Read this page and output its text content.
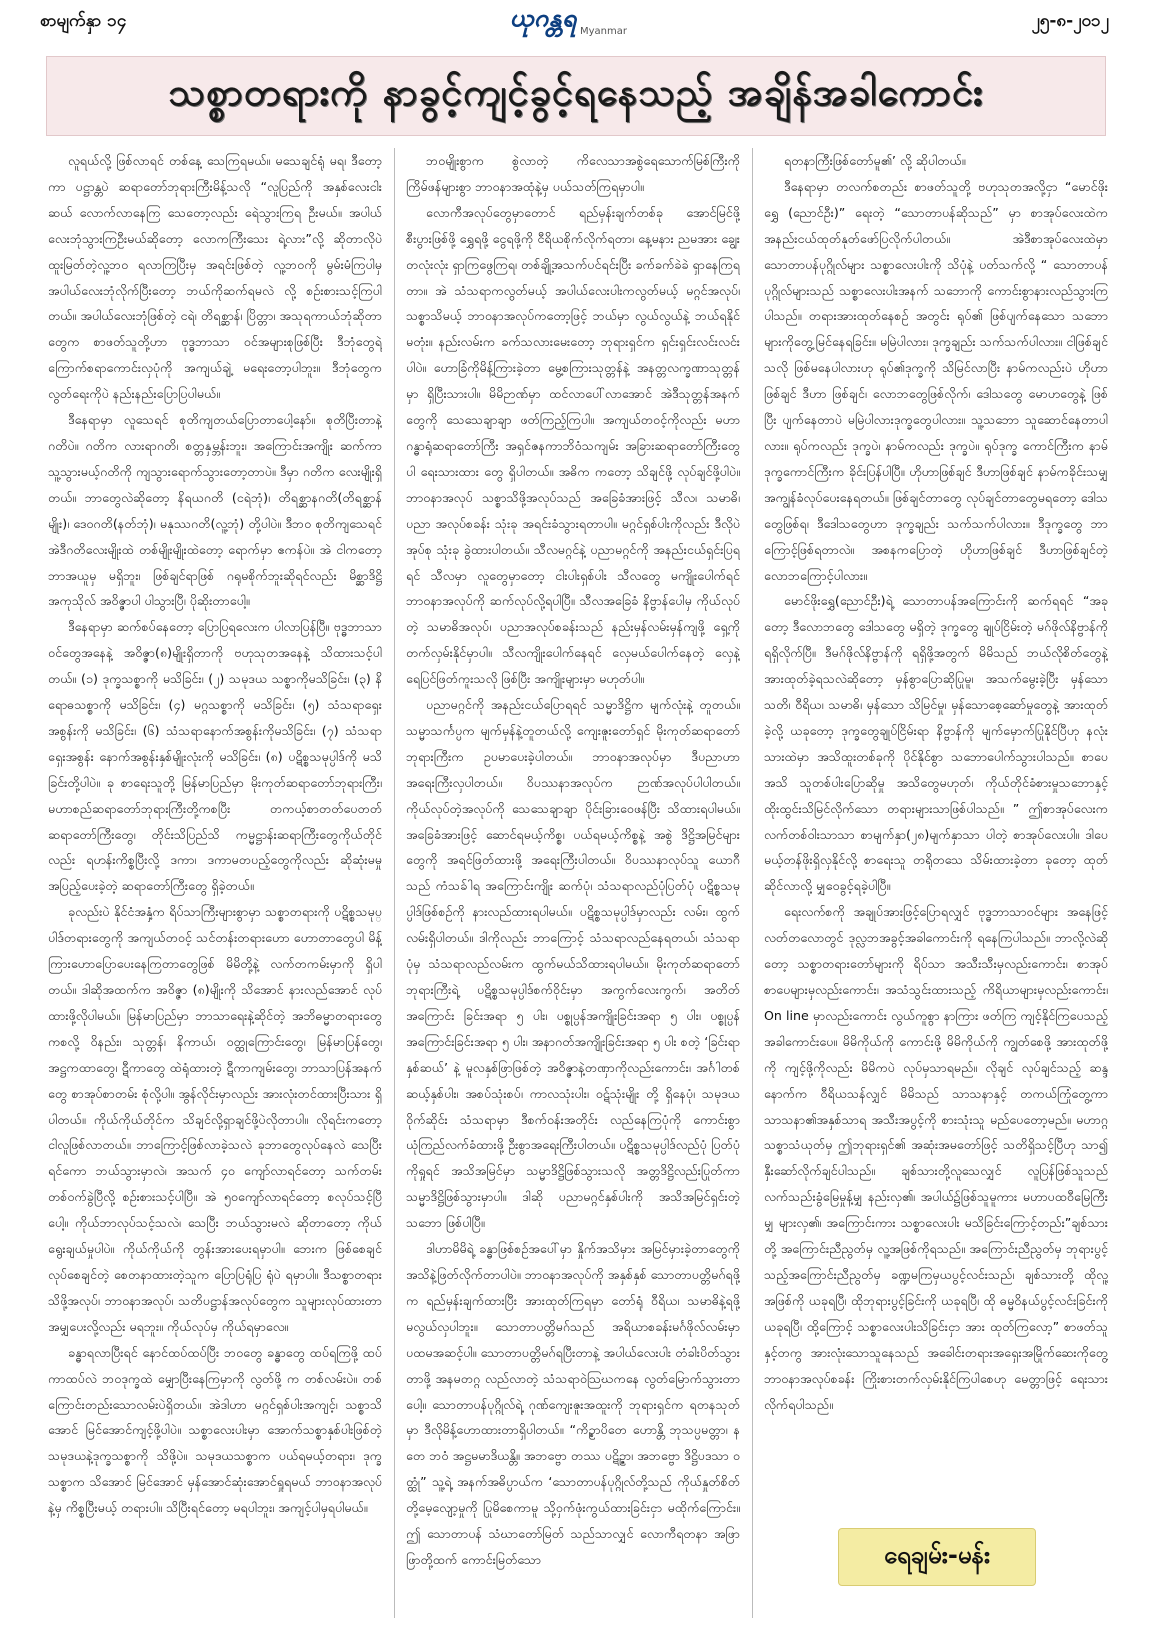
စာမျက်နှာ ၁၄	ယုဂန္တရ Myanmar
၂၅-၈-၂၀၁၂
သစ္စာတရားကို နာခွင့်ကျင့်ခွင့်ရနေသည့် အချိန်အခါကောင်း

လူရယ်လို့ ဖြစ်လာရင် တစ်နေ့ သေကြရမယ်။ မသေချင်ရုံ မရ၊ ဒီတော့ကာ ပဋ္ဌာန္တပဲ ဆရာတော်ဘုရားကြီးမိန့်သလို “လူပြည်ကို အနှစ်လေးငါးဆယ် လောက်လာနေကြ သေတော့လည်း ရေဲသွားကြရ ဦးမယ်။ အပါယ်လေးဘုံသွားကြဦးမယ်ဆိုတော့ လောကကြီးသေး ရဲ့လား”လို့ ဆိုတာလိုပဲ ထူးမြတ်တဲ့လူ့ဘဝ ရလာကြပြီးမှ အရင်းဖြစ်တဲ့ လူ့ဘဝကို မွမ်းမံကြပါမှ အပါယ်လေးဘုံလိုက်ပြီးတော့ ဘယ်ကိုဆက်ရမလဲ လို့ စဉ်းစားသင့်ကြပါတယ်။ အပါယ်လေးဘုံဖြစ်တဲ့ ငရဲ၊ တိရစ္ဆာန်၊ ပြိတ္တာ၊ အသုရကာယ်ဘုံဆိုတာတွေက စာဖတ်သူတို့ဟာ ဗုဒ္ဓဘာသာ ဝင်အများစုဖြစ်ပြီး ဒီဘုံတွေရဲ့ ကြောက်စရာကောင်းလှပုံကို အကျယ်ချဲ့ မရေးတော့ပါဘူး။ ဒီဘုံတွေက လွတ်ရေးကိုပဲ နည်းနည်းပြောပြပါမယ်။

ဒီနေရာမှာ လူသေရင် စုတိကျတယ်ပြောတာပေါ့နော်။ စုတိပြီးတာနဲ့ ဂတိပဲ။ ဂတိက လားရာဂတိ၊ စတ္တနှမ္ဘန်းဘူး၊ အကြောင်းအကျိုး ဆက်ကာ သူ့သွားမယ့်ဂတိကို ကျသွားရောက်သွားတော့တာပဲ။ ဒီမှာ ဂတိက လေးမျိုးရှိတယ်။ ဘာတွေလဲဆိုတော့ နိရယဂတိ (ငရဲဘုံ)၊ တိရစ္ဆာနဂတိ(တိရစ္ဆာန်မျိုး)၊ ဒေဝဂတိ(နတ်ဘုံ)၊ မနုဿဂတိ(လူ့ဘုံ) တို့ပါပဲ။ ဒီဘဝ စုတိကျသေရင် အဲဒီဂတိလေးမျိုးထဲ တစ်မျိုးမျိုးထဲတော့ ရောက်မှာ ဧကန်ပဲ။ အဲ ငါကတော့ ဘာအယူမှ မရှိဘူး၊ ဖြစ်ချင်ရာဖြစ် ဂရုမစိုက်ဘူးဆိုရင်လည်း မိစ္ဆာဒိဋ္ဌိအကုသိုလ် အဝိဇ္ဇာပါ ပါသွားပြီ၊ ပိုဆိုးတာပေါ့။

ဒီနေရာမှာ ဆက်စပ်နေတော့ ပြောပြရလေးက ပါလာပြန်ပြီ။ ဗုဒ္ဓဘာသာဝင်တွေအနေနဲ့ အဝိဇ္ဇာ(၈)မျိုးရှိတာကို ဗဟုသုတအနေနဲ့ သိထားသင့်ပါတယ်။ (၁) ဒုက္ခသစ္စာကို မသိခြင်း၊ (၂) သမုဒယ သစ္စာကိုမသိခြင်း၊ (၃) နိရောဓသစ္စာကို မသိခြင်း၊ (၄) မဂ္ဂသစ္စာကို မသိခြင်း၊ (၅) သံသရာရှေးအစွန်းကို မသိခြင်း၊ (၆) သံသရာနောက်အစွန်းကိုမသိခြင်း၊ (၇) သံသရာရှေးအစွန်း နောက်အစွန်းနှစ်မျိုးလုံးကို မသိခြင်း၊ (၈) ပဋိစ္စသမုပ္ပါဒ်ကို မသိခြင်းတို့ပါပဲ။ ခု စာရေးသူတို့ မြန်မာပြည်မှာ မိုးကုတ်ဆရာတော်ဘုရားကြီး၊ မဟာစည်ဆရာတော်ဘုရားကြီးတို့ကစပြီး တကယ့်စာတတ်ပေတတ် ဆရာတော်ကြီးတွေ၊ တိုင်းသိပြည်သိ ကမ္မဋ္ဌာန်းဆရာကြီးတွေကိုယ်တိုင်လည်း ရဟန်းကိစ္စပြီးလို့ ဒကာ၊ ဒကာမတပည့်တွေကိုလည်း ဆိုဆုံးမမှု အပြည့်ပေးခဲ့တဲ့ ဆရာတော်ကြီးတွေ ရှိခဲ့တယ်။

ခုလည်းပဲ နိုင်ငံအနှံ့က ရိပ်သာကြီးများစွာမှာ သစ္စာတရားကို ပဋိစ္စသမုပ္ပါဒ်တရားတွေကို အကျယ်တဝင့် သင်တန်းတရားဟော ဟောတာတွေပါ မိန့်ကြားဟောပြောပေးနေကြတာတွေဖြစ် မိမိတို့နဲ့ လက်တကမ်းမှာကို ရှိပါတယ်။ ဒါဆိုအထက်က အဝိဇ္ဇာ (၈)မျိုးကို သိအောင် နားလည်အောင် လုပ်ထားဖို့လိုပါမယ်။ မြန်မာပြည်မှာ ဘာသာရေးနဲ့ဆိုင်တဲ့ အဘိဓမ္မာတရားတွေကစလို့ ဝိနည်း၊ သုတ္တန်၊ နိကာယ်၊ ဝတ္ထုကြောင်းတွေ၊ မြန်မာပြန်တွေ၊ အဋ္ဌကထာတွေ၊ ဋီကာတွေ ထဲရုံထားတဲ့ ဋီကာကျမ်းတွေ၊ ဘာသာပြန်အနက်တွေ စာအုပ်စာတမ်း စုံလို့ပါ။ အွန်လိုင်းမှာလည်း အားလုံးတင်ထားပြီးသား ရှိပါတယ်။ ကိုယ်ကိုယ်တိုင်က သိချင်လို့ရှာချင်ဖို့ပဲလိုတာပါ။ လိုရင်းကတော့ ငါလူဖြစ်လာတယ်။ ဘာကြောင့်ဖြစ်လာခဲ့သလဲ ခုဘာတွေလုပ်နေလဲ သေပြီးရင်ကော ဘယ်သွားမှာလဲ၊ အသက် ၄၀ ကျော်လာရင်တော့ သက်တမ်းတစ်ဝက်ခွဲပြီလို့ စဉ်းစားသင့်ပါပြီ။ အဲ ၅၀ကျော်လာရင်တော့ စလုပ်သင့်ပြီပေါ့။ ကိုယ်ဘာလုပ်သင့်သလဲ၊ သေပြီး ဘယ်သွားမလဲ ဆိုတာတော့ ကိုယ်ရွေးချယ်မှုပါပဲ။ ကိုယ်ကိုယ်ကို တွန်းအားပေးရမှာပါ။ ဘေးက ဖြစ်စေချင် လုပ်စေချင်တဲ့ စေတနာထားတဲ့သူက ပြောပြရုံပြ ရုံပဲ ရမှာပါ။ ဒီသစ္စာတရား သိဖို့အလုပ်၊ ဘာဝနာအလုပ်၊ သတိပဋ္ဌာန်အလုပ်တွေက သူများလုပ်ထားတာ အမျှပေးလို့လည်း မရဘူး။ ကိုယ်လုပ်မှ ကိုယ်ရမှာလေ။

ခန္ဓာရလာပြီးရင် နောင်ထပ်ထပ်ပြီး ဘဝတွေ ခန္ဓာတွေ ထပ်ရကြဖို့ ထပ်ကာထပ်လဲ ဘဝဒုက္ခထဲ မျှောပြီးနေကြမှာကို လွတ်ဖို့ က တစ်လမ်းပဲ။ တစ်ကြောင်းတည်းသောလမ်းပဲရှိတယ်။ အဲဒါဟာ မဂ္ဂင်ရှစ်ပါးအကျင့်၊ သစ္စာသိအောင် မြင်အောင်ကျင့်ဖို့ပါပဲ။ သစ္စာလေးပါးမှာ အောက်သစ္စာနှစ်ပါးဖြစ်တဲ့ သမုဒယနဲ့ဒုက္ခသစ္စာကို သိဖို့ပဲ။ သမုဒယသစ္စာက ပယ်ရမယ့်တရား၊ ဒုက္ခသစ္စာက သိအောင် မြင်အောင် မှန်အောင်ဆုံးအောင်ရှုရမယ် ဘာဝနာအလုပ်နဲ့မှ ကိစ္စပြီးမယ့် တရားပါ။ သိပြီးရင်တော့ မရပါဘူး၊ အကျင့်ပါမှရပါမယ်။

ဘဝမျိုးစွာက စွဲလာတဲ့ ကိလေသာအစွဲရေသောက်မြစ်ကြီးကို ကြိမ်ဖန်များစွာ ဘာဝနာအထုံနဲ့မှ ပယ်သတ်ကြရမှာပါ။

လောကီအလုပ်တွေမှာတောင် ရည်မှန်းချက်တစ်ခု အောင်မြင်ဖို့ စီးပွားဖြစ်ဖို့ ရွှေရဖို့ ငွေရဖို့ကို ငီရိယစိုက်လိုက်ရတာ၊ နေ့မနား ညမအား ချွေးတလုံးလုံး ရှာကြဖွေကြရ၊ တစ်ချို့အသက်ပင်ရင်းပြီး ခက်ခက်ခဲခဲ ရှာနေကြရတာ။ အဲ သံသရာကလွတ်မယ့် အပါယ်လေးပါးကလွတ်မယ့် မဂ္ဂင်အလုပ်၊ သစ္စာသိမယ့် ဘာဝနာအလုပ်ကတော့ဖြင့် ဘယ်မှာ လွယ်လွယ်နဲ့ ဘယ်ရနိုင်မတုံး။ နည်းလမ်းက ခက်သလားမေးတော့ ဘုရားရှင်က ရှင်းရှင်းလင်းလင်းပါပဲ။ ဟောခြံကိုမိန့်ကြားခဲ့တာ မွေ့စကြားသုတ္တန်နဲ့ အနတ္တလက္ခဏာသုတ္တန်မှာ ရှိပြီးသားပါ။ မိမိဉာဏ်မှာ ထင်လာပေါ်လာအောင် အဲဒီသုတ္တန်အနက်တွေကို သေသေချာချာ ဖတ်ကြည့်ကြပါ။ အကျယ်တဝင့်ကိုလည်း မဟာဂန္ဓာရုံဆရာတော်ကြီး အရှင်ဇနကာဘိဝံသကျမ်း အခြားဆရာတော်ကြီးတွေပါ ရေးသားထား တွေ ရှိပါတယ်။ အဓိက ကတော့ သိချင်ဖို့ လုပ်ချင်ဖို့ပါပဲ။ ဘာဝနာအလုပ် သစ္စာသိဖို့အလုပ်သည် အခြေခံအားဖြင့် သီလ၊ သမာဓိ၊ ပညာ အလုပ်စခန်း သုံးခု အရင်းခံသွားရတာပါ။ မဂ္ဂင်ရှစ်ပါးကိုလည်း ဒီလိုပဲ အုပ်စု သုံးခု ခွဲထားပါတယ်။ သီလမဂ္ဂင်နဲ့ ပညာမဂ္ဂင်ကို အနည်းငယ်ရှင်းပြရရင် သီလမှာ လူတွေမှာတော့ ငါးပါးရှစ်ပါး သီလတွေ မကျိုးပေါက်ရင် ဘာဝနာအလုပ်ကို ဆက်လုပ်လို့ရပါပြီ။ သီလအခြေခံ နိဗ္ဗာန်ပေါမှ ကိုယ်လုပ်တဲ့ သမာဓိအလုပ်၊ ပညာအလုပ်စခန်းသည် နည်းမှန်လမ်းမှန်ကျဖို့ ရှေ့ကိုတက်လှမ်းနိုင်မှာပါ။ သီလကျိုးပေါက်နေရင် လှေမယ်ပေါက်နေတဲ့ လှေနဲ့ရေပြင်ဖြတ်ကူးသလို ဖြစ်ပြီး အကျိုးများမှာ မဟုတ်ပါ။

ပညာမဂ္ဂင်ကို အနည်းငယ်ပြောရရင် သမ္မာဒိဋ္ဌိက မျက်လုံးနဲ့ တူတယ်။ သမ္မာသင်္ကပ္ပက မျက်မှန်နဲ့တူတယ်လို့ ကျေးဇူးတော်ရှင် မိုးကုတ်ဆရာတော်ဘုရားကြီးက ဥပမာပေးခဲ့ပါတယ်။ ဘာဝနာအလုပ်မှာ ဒီပညာဟာ အရေးကြီးလှပါတယ်။ ဝိပဿနာအလုပ်က ဉာဏ်အလုပ်ပါပါတယ်။ ကိုယ်လုပ်တဲ့အလုပ်ကို သေသေချာချာ ပိုင်းခြားဝေဖန်ပြီး သိထားရပါမယ်။ အခြေခံအားဖြင့် ဆောင်ရမယ့်ကိစ္စ၊ ပယ်ရမယ့်ကိစ္စနဲ့ အစွဲ ဒိဋ္ဌိအမြင်များတွေကို အရင်ဖြတ်ထားဖို့ အရေးကြီးပါတယ်။ ဝိပဿနာလုပ်သူ ယောဂီသည် ကံသခ်ါရ အကြောင်းကျိုး ဆက်ပုံ၊ သံသရာလည်ပုံပြတ်ပုံ ပဋိစ္စသမုပ္ပါဒ်ဖြစ်စဉ်ကို နားလည်ထားရပါမယ်။ ပဋိစ္စသမုပ္ပါဒ်မှာလည်း လမ်း၊ ထွက်လမ်းရှိပါတယ်။ ဒါကိုလည်း ဘာကြောင့် သံသရာလည်နေရတယ်၊ သံသရာပုံမှ သံသရာလည်လမ်းက ထွက်မယ်သိထားရပါမယ်။ မိုးကုတ်ဆရာတော်ဘုရားကြီးရဲ့ ပဋိစ္စသမုပ္ပါဒ်စက်ဝိုင်းမှာ အကွက်လေးကွက်၊ အတိတ်အကြောင်း ခြင်းအရာ ၅ ပါး၊ ပစ္စုပ္ပန်အကျိုးခြင်းအရာ ၅ ပါး၊ ပစ္စုပ္ပန်အကြောင်းခြင်းအရာ ၅ ပါး၊ အနာဂတ်အကျိုးခြင်းအရာ ၅ ပါး စတဲ့ ‘ခြင်းရာနှစ်ဆယ်’ နဲ့ မူလနှစ်ဖြာဖြစ်တဲ့ အဝိဇ္ဇာနဲ့တဏှာကိုလည်းကောင်း၊ အင်္ဂါတစ်ဆယ့်နှစ်ပါး၊ အစပ်သုံးစပ်၊ ကာလသုံးပါး၊ ဝဋ်သုံးမျိုး တို့ ရှိနေပုံ၊ သမုဒယဝိုက်ဆိုင်း သံသရာမှာ ဒီစက်ဝန်းအတိုင်း လည်နေကြပုံကို ကောင်းစွာ ယုံကြည်လက်ခံထားဖို့ ဦးစွာအရေးကြီးပါတယ်။ ပဋိစ္စသမုပ္ပါဒ်လည်ပုံ ပြတ်ပုံကိုရှုရင် အသိအမြင်မှာ သမ္မာဒိဋ္ဌိဖြစ်သွားသလို အတ္တဒိဋ္ဌိလည်းပြုတ်ကာ သမ္မာဒိဋ္ဌိဖြစ်သွားမှာပါ။ ဒါဆို ပညာမဂ္ဂင်နှစ်ပါးကို အသိအမြင်ရှင်းတဲ့သဘော ဖြစ်ပါပြီ။

ဒါဟာမိမိရဲ့ ခန္ဓာဖြစ်စဉ်အပေါ်မှာ နှိုက်အသိမှား အမြင်မှားခဲ့တာတွေကို အသိနဲ့ဖြတ်လိုက်တာပါပဲ။ ဘာဝနာအလုပ်ကို အနှစ်နှစ် သောတာပတ္တိမဂ်ရဖို့က ရည်မှန်းချက်ထားပြီး အားထုတ်ကြရမှာ တော်ရုံ ဝီရိယ၊ သမာဓိနဲ့ရဖို့ မလွယ်လှပါဘူး။ သောတာပတ္တိမဂ်သည် အရိယာစခန်းမင်္ဂဖိုလ်လမ်းမှာ ပထမအဆင့်ပါ။ သောတာပတ္တိမဂ်ရပြီးတာနဲ့ အပါယ်လေးပါး တံခါးပိတ်သွားတာဖို့ အနမတဂ္ဂ လည်လာတဲ့ သံသရာဝဲဩဃကနေ လွတ်မြောက်သွားတာပေါ့။ သောတာပန်ပုဂ္ဂိုလ်ရဲ့ ဂုဏ်ကျေးဇူးအထူးကို ဘုရားရှင်က ရတနသုတ်မှာ ဒီလိုမိန့်ဟောထားတာရှိပါတယ်။ “ကိဉ္စာပိတေ ဟောန္တိ ဘုသပ္ပမတ္တာ၊ န တေ ဘဝံ အဋ္ဌမမာဒိယန္တိ။ အဘဗ္ဗော တဿ ပဋိဉ္ဇာ၊ အဘဗ္ဗော ဒိဋ္ဌိပဒသာ ဝတ္ထုံ” သူ့ရဲ့ အနက်အဓိပ္ပာယ်က ‘သောတာပန်ပုဂ္ဂိုလ်တို့သည် ကိုယ်နှုတ်စိတ် တို့မေ့လျော့မှုကို ပြုမိစေကာမူ သို့ဝှက်ဖုံးကွယ်ထားခြင်းငှာ မထိုက်ကြောင်း။ ဤ သောတာပန် သံဃာတော်မြတ် သည်သာလျှင် လောကီရတနာ အဖြာဖြာတို့ထက် ကောင်းမြတ်သော

ရတနာကြီးဖြစ်တော်မူ၏’ လို့ ဆိုပါတယ်။

ဒီနေရာမှာ တလက်စတည်း စာဖတ်သူတို့ ဗဟုသုတအလို့ငှာ “မောင်ဖိုးရွှေ (ညောင်ဦး)” ရေးတဲ့ “သောတာပန်ဆိုသည်” မှာ စာအုပ်လေးထဲက အနည်းငယ်ထုတ်နုတ်ဖော်ပြလိုက်ပါတယ်။ အဲဒီစာအုပ်လေးထဲမှာ သောတာပန်ပုဂ္ဂိုလ်များ သစ္စာလေးပါးကို သိပုံနဲ့ ပတ်သက်လို့ “ သောတာပန်ပုဂ္ဂိုလ်များသည် သစ္စာလေးပါးအနက် သဘောကို ကောင်းစွာနားလည်သွားကြပါသည်။ တရားအားထုတ်နေစဉ် အတွင်း ရုပ်၏ ဖြစ်ပျက်နေသော သဘောများကိုတွေ့မြင်နေရခြင်း။ မမြဲပါလား၊ ဒုက္ခချည်း သက်သက်ပါလား။ ငါဖြစ်ချင်သလို ဖြစ်မနေပါလားဟု ရုပ်၏ဒုက္ခကို သိမြင်လာပြီး နာမ်ကလည်းပဲ ဟိုဟာဖြစ်ချင် ဒီဟာ ဖြစ်ချင်၊ လောဘတွေဖြစ်လိုက်၊ ဒေါသတွေ မောဟတွေနဲ့ ဖြစ်ပြီး ပျက်နေတာပဲ မမြဲပါလားဒုက္ခတွေပါလား။ သူ့သဘော သူဆောင်နေတာပါလား။ ရုပ်ကလည်း ဒုက္ခပဲ၊ နာမ်ကလည်း ဒုက္ခပဲ။ ရုပ်ဒုက္ခ ကောင်ကြီးက နာမ်ဒုက္ခကောင်ကြီးက ခိုင်းပြန်ပါပြီ။ ဟိုဟာဖြစ်ချင် ဒီဟာဖြစ်ချင် နာမ်ကခိုင်းသမျှ အကျွန်ခံလုပ်ပေးနေရတယ်။ ဖြစ်ချင်တာတွေ လုပ်ချင်တာတွေမရတော့ ဒေါသတွေဖြစ်ရ၊ ဒီဒေါသတွေဟာ ဒုက္ခချည်း သက်သက်ပါလား။ ဒီဒုက္ခတွေ ဘာကြောင့်ဖြစ်ရတာလဲ။ အစနကပြောတဲ့ ဟိုဟာဖြစ်ချင် ဒီဟာဖြစ်ချင်တဲ့ လောဘကြောင့်ပါလား။

မောင်ဖိုးရွှေ(ညောင်ဦး)ရဲ့ သောတာပန်အကြောင်းကို ဆက်ရရင် “အခုတော့ ဒီလောဘတွေ ဒေါသတွေ မရှိတဲ့ ဒုက္ခတွေ ချုပ်ငြိမ်းတဲ့ မဂ်ဖိုလ်နိဗ္ဗာန်ကို ရရှိလိုက်ပြီ။ ဒီမဂ်ဖိုလ်နိဗ္ဗာန်ကို ရရှိဖို့အတွက် မိမိသည် ဘယ်လိုစိတ်တွေနဲ့ အားထုတ်ခဲ့ရသလဲဆိုတော့ မှန်စွာပြောဆိုပြုမူ၊ အသက်မွေးခဲ့ပြီး မှန်သော သတိ၊ ဝီရိယ၊ သမာဓိ၊ မှန်သော သိမြင်မှု၊ မှန်သောစေ့ဆော်မှုတွေနဲ့ အားထုတ်ခဲ့လို့ ယခုတော့ ဒုက္ခတွေချုပ်ငြိမ်းရာ နိဗ္ဗာန်ကို မျက်မှောက်ပြုနိုင်ပြီဟု နလုံးသားထဲမှာ အသိထူးတစ်ခုကို ပိုင်နိုင်စွာ သဘောပေါက်သွားပါသည်။ စာပေအသိ သူတစ်ပါးပြောဆိုမှု အသိတွေမဟုတ်၊ ကိုယ်တိုင်ခံစားမှုသဘောနှင့် ထိုးထွင်းသိမြင်လိုက်သော တရားများသာဖြစ်ပါသည်။ ” ဤစာအုပ်လေးက လက်တစ်ဝါးသာသာ စာမျက်နှာ(၂၈)မျက်နှာသာ ပါတဲ့ စာအုပ်လေးပါ။ ဒါပေမယ့်တန်ဖိုးရှိလှနိုင်လို့ စာရေးသူ တရိုတသေ သိမ်းထားခဲ့တာ ခုတော့ ထုတ်ဆိုင်လာလို့ မျှဝေခွင့်ရခဲ့ပါပြီ။

ရေးလက်စကို အချုပ်အားဖြင့်ပြောရလျှင် ဗုဒ္ဓဘာသာဝင်များ အနေဖြင့် လတ်တလောတွင် ဒုလ္လဘအခွင့်အခါကောင်းကို ရနေကြပါသည်။ ဘာလို့လဲဆိုတော့ သစ္စာတရားတော်များကို ရိပ်သာ အသီးသီးမှလည်းကောင်း၊ စာအုပ်စာပေများမှလည်းကောင်း၊ အသံသွင်းထားသည့် ကိရိယာများမှလည်းကောင်း၊ On line မှာလည်းကောင်း လွယ်ကူစွာ နာကြား ဖတ်ကြ ကျင့်နိုင်ကြပေသည့် အခါကောင်းပေ။ မိမိကိုယ်ကို ကောင်းဖို့ မိမိကိုယ်ကို ကျွတ်စေဖို့ အားထုတ်ဖို့ကို ကျင့်ဖို့ကိုလည်း မိမိကပဲ လုပ်မှသာရမည်။ လိုချင် လုပ်ချင်သည့် ဆန္ဒနောက်က ဝီရိယသန်လျှင် မိမိသည် သာသနာနှင့် တကယ်ကြုံတွေ့ကာ သာသနာ၏အနှစ်သာရ အသီးအပွင့်ကို စားသုံးသူ မည်ပေတော့မည်။ မဟာဂ္ဂ သစ္စာသံယုတ်မှ ဤဘုရားရှင်၏ အဆုံးအမတော်ဖြင့် သတိရှိသင့်ပြီဟု သာ၍ နှီးဆော်လိုက်ချင်ပါသည်။ ချစ်သားတို့လူသေလျှင် လူပြန်ဖြစ်သူသည် လက်သည်းခွံမြေမှုန့်မျှ နည်းလှ၏၊ အပါယ်၌ဖြစ်သူမူကား မဟာပထဝီမြေကြီးမျှ များလှ၏၊ အကြောင်းကား သစ္စာလေးပါး မသိခြင်းကြောင့်တည်း”ချစ်သားတို့ အကြောင်းညီညွတ်မှ လူ့အဖြစ်ကိုရသည်။ အကြောင်းညီညွတ်မှ ဘုရားပွင့်သည့်အကြောင်းညီညွတ်မှ ခဏ္ဍမကြမှယပွင့်လင်းသည်၊ ချစ်သားတို့ ထိုလူ့အဖြစ်ကို ယခုရပြီ၊ ထိုဘုရားပွင့်ခြင်းကို ယခုရပြီ၊ ထို ဓမ္မဝိနယ်ပွင့်လင်းခြင်းကို ယခုရပြီ၊ ထို့ကြောင့် သစ္စာလေးပါးသိခြင်းငှာ အား ထုတ်ကြလော့” စာဖတ်သူနှင့်တကွ အားလုံးသောသူနေသည် အခေါင်းတရားအရှေးအမြိုက်ဆေးကိုတွေ့ ဘာဝနာအလုပ်စခန်း ကြိုးစားတက်လှမ်းနိုင်ကြပါစေဟု မေတ္တာဖြင့် ရေးသားလိုက်ရပါသည်။

ရေချမ်း-မန်း
